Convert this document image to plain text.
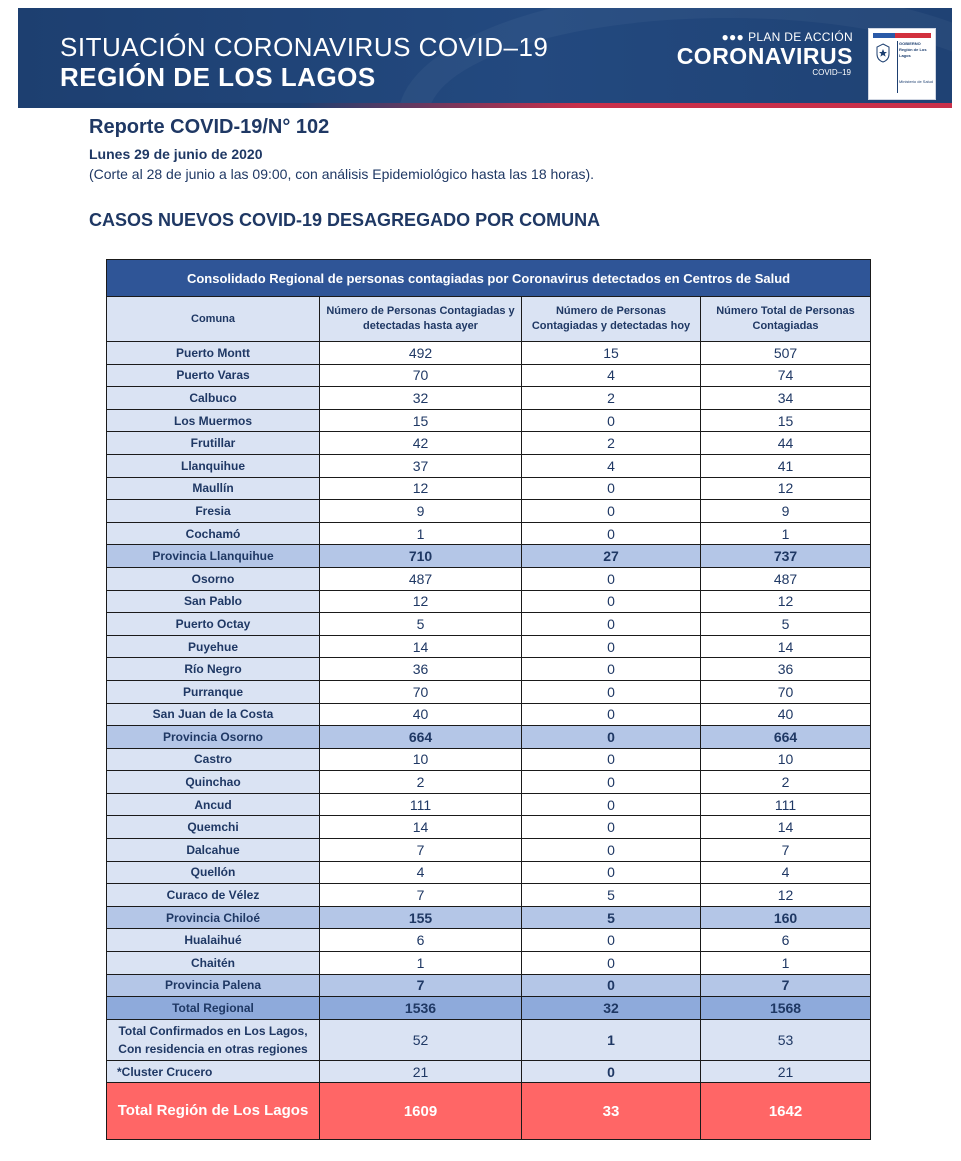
SITUACIÓN CORONAVIRUS COVID–19
REGIÓN DE LOS LAGOS
●●● PLAN DE ACCIÓN
CORONAVIRUS
COVID–19
GOBIERNO Región de Los Lagos
Ministerio de Salud
Reporte COVID-19/N° 102
Lunes 29 de junio de 2020
(Corte al 28 de junio a las 09:00, con análisis Epidemiológico hasta las 18 horas).
CASOS NUEVOS COVID-19 DESAGREGADO POR COMUNA
Consolidado Regional de personas contagiadas por Coronavirus detectados en Centros de Salud			
Comuna	Número de Personas Contagiadas y detectadas hasta ayer	Número de Personas Contagiadas y detectadas hoy	Número Total de Personas Contagiadas
Puerto Montt	492	15	507
Puerto Varas	70	4	74
Calbuco	32	2	34
Los Muermos	15	0	15
Frutillar	42	2	44
Llanquihue	37	4	41
Maullín	12	0	12
Fresia	9	0	9
Cochamó	1	0	1
Provincia Llanquihue	710	27	737
Osorno	487	0	487
San Pablo	12	0	12
Puerto Octay	5	0	5
Puyehue	14	0	14
Río Negro	36	0	36
Purranque	70	0	70
San Juan de la Costa	40	0	40
Provincia Osorno	664	0	664
Castro	10	0	10
Quinchao	2	0	2
Ancud	111	0	111
Quemchi	14	0	14
Dalcahue	7	0	7
Quellón	4	0	4
Curaco de Vélez	7	5	12
Provincia Chiloé	155	5	160
Hualaihué	6	0	6
Chaitén	1	0	1
Provincia Palena	7	0	7
Total Regional	1536	32	1568
Total Confirmados en Los Lagos, Con residencia en otras regiones	52	1	53
*Cluster Crucero	21	0	21
Total Región de Los Lagos	1609	33	1642
